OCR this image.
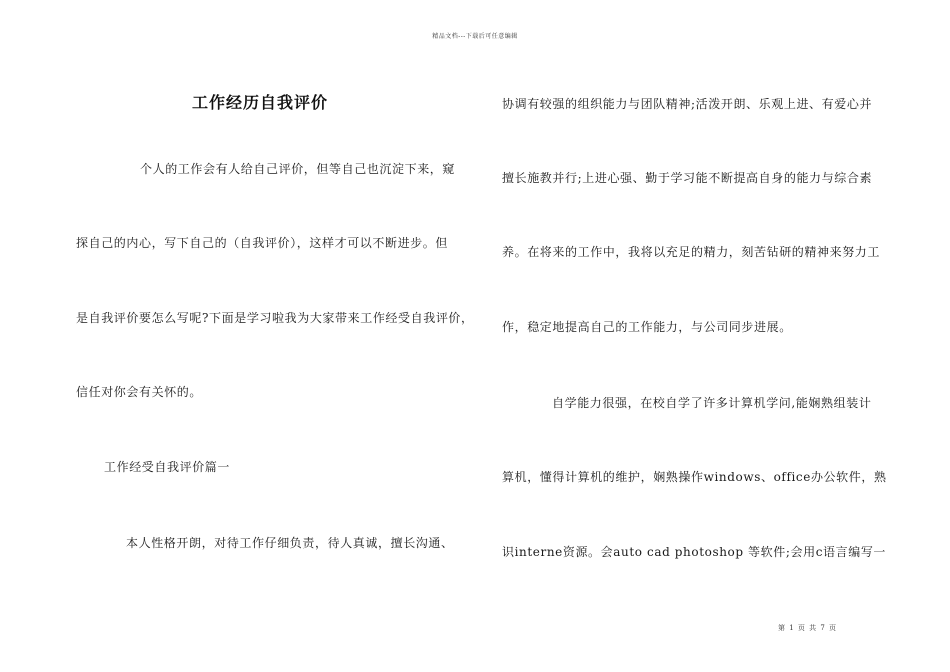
精品文档---下载后可任意编辑
工作经历自我评价
个人的工作会有人给自己评价，但等自己也沉淀下来，窥
探自己的内心，写下自己的（自我评价），这样才可以不断进步。但
是自我评价要怎么写呢?下面是学习啦我为大家带来工作经受自我评价，
信任对你会有关怀的。
工作经受自我评价篇一
本人性格开朗，对待工作仔细负责，待人真诚，擅长沟通、
协调有较强的组织能力与团队精神;活泼开朗、乐观上进、有爱心并
擅长施教并行;上进心强、勤于学习能不断提高自身的能力与综合素
养。在将来的工作中，我将以充足的精力，刻苦钻研的精神来努力工
作，稳定地提高自己的工作能力，与公司同步进展。
自学能力很强，在校自学了许多计算机学问,能娴熟组装计
算机，懂得计算机的维护，娴熟操作windows、office办公软件，熟
识interne资源。会auto cad photoshop 等软件;会用c语言编写一
第 1 页 共 7 页
